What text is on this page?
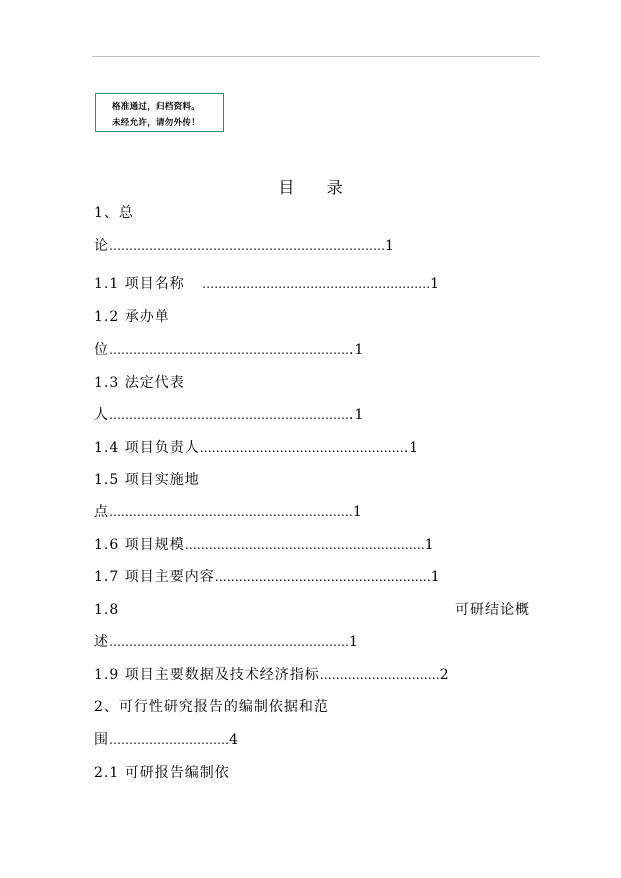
格准通过，归档资料。
未经允许，请勿外传！
目 录
1、总
论……………………………………………………………1
1.1 项目名称 …………………………………………………1
1.2 承办单
位…………………………………………………….1
1.3 法定代表
人…………………………………………………….1
1.4 项目负责人…………………………………………….1
1.5 项目实施地
点….…………………………………………………1
1.6 项目规模……………………………………………………1
1.7 项目主要内容………………………………………………1
1.8	可研结论概
述……………………………………………………1
1.9 项目主要数据及技术经济指标…………………………2
2、可行性研究报告的编制依据和范
围…………………………4
2.1 可研报告编制依
